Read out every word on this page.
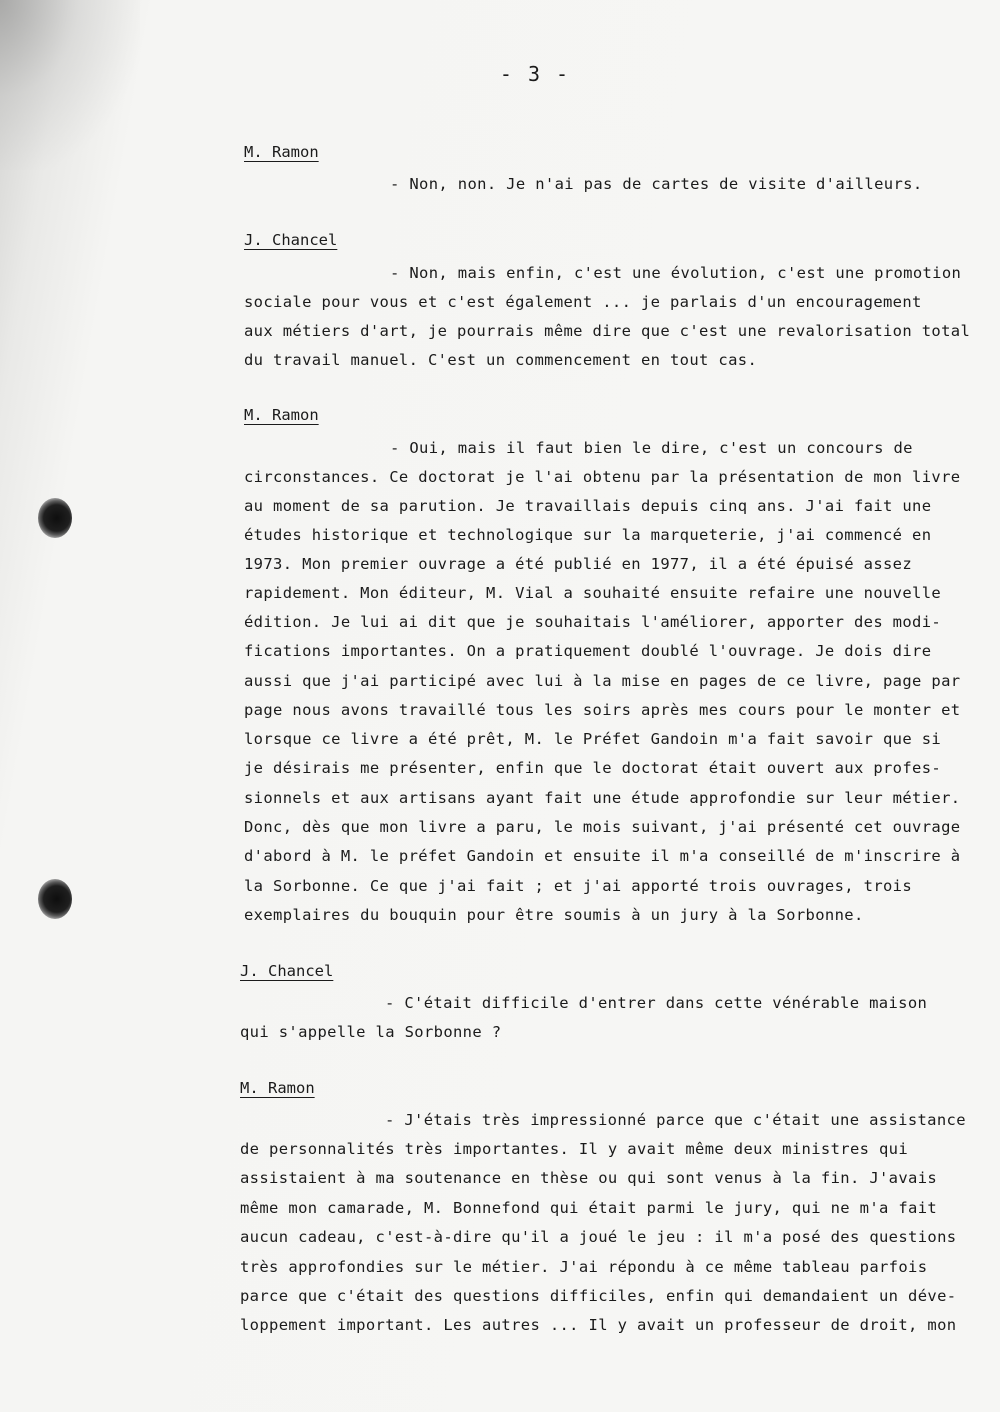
- 3 -
M. Ramon
- Non, non. Je n'ai pas de cartes de visite d'ailleurs.
J. Chancel
- Non, mais enfin, c'est une évolution, c'est une promotion
sociale pour vous et c'est également ... je parlais d'un encouragement
aux métiers d'art, je pourrais même dire que c'est une revalorisation total
du travail manuel. C'est un commencement en tout cas.
M. Ramon
- Oui, mais il faut bien le dire, c'est un concours de
circonstances. Ce doctorat je l'ai obtenu par la présentation de mon livre
au moment de sa parution. Je travaillais depuis cinq ans. J'ai fait une
études historique et technologique sur la marqueterie, j'ai commencé en
1973. Mon premier ouvrage a été publié en 1977, il a été épuisé assez
rapidement. Mon éditeur, M. Vial a souhaité ensuite refaire une nouvelle
édition. Je lui ai dit que je souhaitais l'améliorer, apporter des modi-
fications importantes. On a pratiquement doublé l'ouvrage. Je dois dire
aussi que j'ai participé avec lui à la mise en pages de ce livre, page par
page nous avons travaillé tous les soirs après mes cours pour le monter et
lorsque ce livre a été prêt, M. le Préfet Gandoin m'a fait savoir que si
je désirais me présenter, enfin que le doctorat était ouvert aux profes-
sionnels et aux artisans ayant fait une étude approfondie sur leur métier.
Donc, dès que mon livre a paru, le mois suivant, j'ai présenté cet ouvrage
d'abord à M. le préfet Gandoin et ensuite il m'a conseillé de m'inscrire à
la Sorbonne. Ce que j'ai fait ; et j'ai apporté trois ouvrages, trois
exemplaires du bouquin pour être soumis à un jury à la Sorbonne.
J. Chancel
- C'était difficile d'entrer dans cette vénérable maison
qui s'appelle la Sorbonne ?
M. Ramon
- J'étais très impressionné parce que c'était une assistance
de personnalités très importantes. Il y avait même deux ministres qui
assistaient à ma soutenance en thèse ou qui sont venus à la fin. J'avais
même mon camarade, M. Bonnefond qui était parmi le jury, qui ne m'a fait
aucun cadeau, c'est-à-dire qu'il a joué le jeu : il m'a posé des questions
très approfondies sur le métier. J'ai répondu à ce même tableau parfois
parce que c'était des questions difficiles, enfin qui demandaient un déve-
loppement important. Les autres ... Il y avait un professeur de droit, mon
